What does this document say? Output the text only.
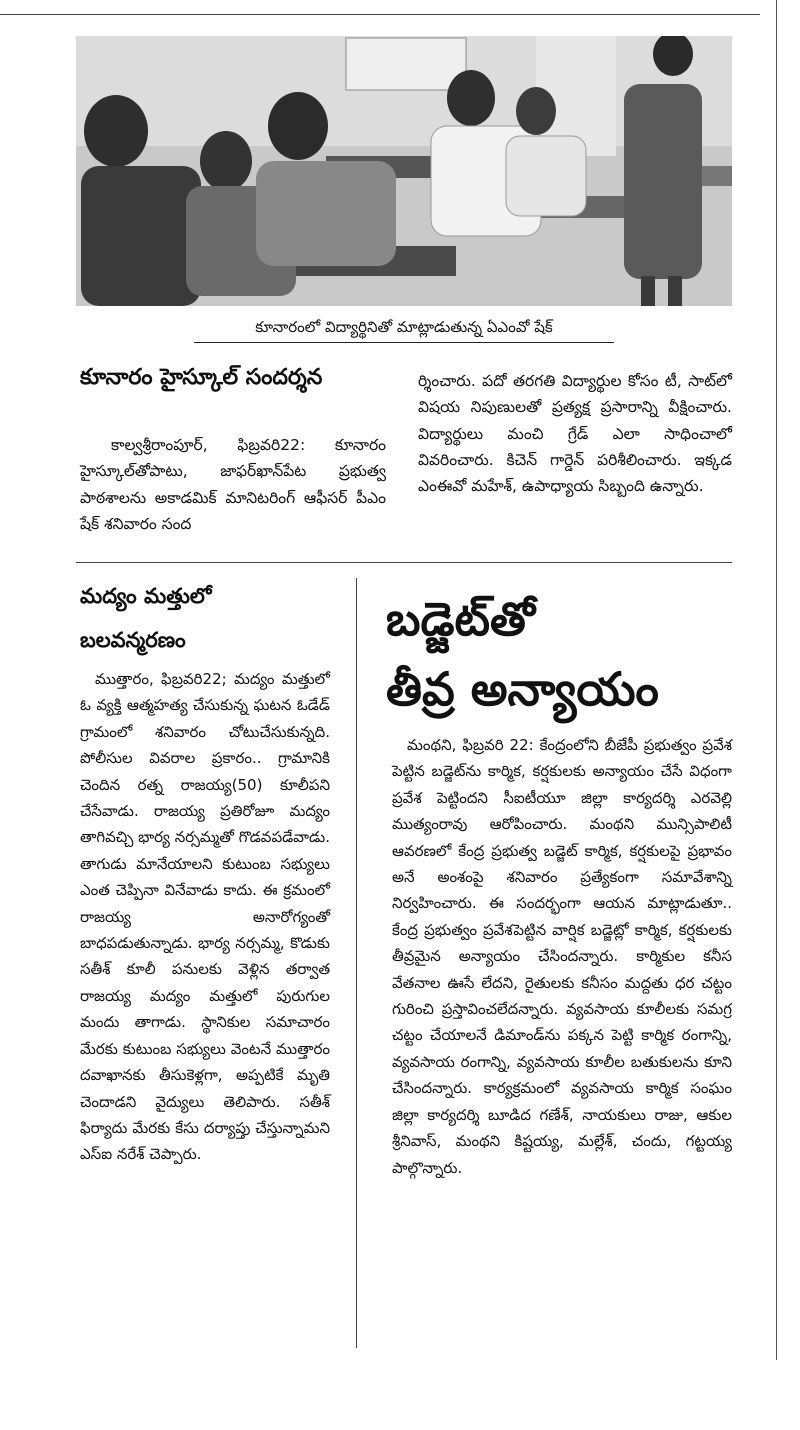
కూనారంలో విద్యార్థినితో మాట్లాడుతున్న ఏఎంవో షేక్
కూనారం హైస్కూల్ సందర్శన

కాల్వశ్రీరాంపూర్, ఫిబ్రవరి22: కూనారం హైస్కూల్‌తోపాటు, జాఫర్‌ఖాన్‌పేట ప్రభుత్వ పాఠశాలను అకాడమిక్ మానిటరింగ్ ఆఫీసర్ పీఎం షేక్ శనివారం సంద

ర్శించారు. పదో తరగతి విద్యార్థుల కోసం టీ, సాట్‌లో విషయ నిపుణులతో ప్రత్యక్ష ప్రసారాన్ని వీక్షించారు. విద్యార్థులు మంచి గ్రేడ్ ఎలా సాధించాలో వివరించారు. కిచెన్ గార్డెన్ పరిశీలించారు. ఇక్కడ ఎంఈవో మహేశ్, ఉపాధ్యాయ సిబ్బంది ఉన్నారు.

మద్యం మత్తులో
బలవన్మరణం

ముత్తారం, ఫిబ్రవరి22; మద్యం మత్తులో ఓ వ్యక్తి ఆత్మహత్య చేసుకున్న ఘటన ఓడేడ్ గ్రామంలో శనివారం చోటుచేసుకున్నది. పోలీసుల వివరాల ప్రకారం.. గ్రామానికి చెందిన రత్న రాజయ్య(50) కూలీపని చేసేవాడు. రాజయ్య ప్రతిరోజూ మద్యం తాగివచ్చి భార్య నర్సమ్మతో గొడవపడేవాడు. తాగుడు మానేయాలని కుటుంబ సభ్యులు ఎంత చెప్పినా వినేవాడు కాదు. ఈ క్రమంలో రాజయ్య అనారోగ్యంతో బాధపడుతున్నాడు. భార్య నర్సమ్మ, కొడుకు సతీశ్ కూలీ పనులకు వెళ్లిన తర్వాత రాజయ్య మద్యం మత్తులో పురుగుల మందు తాగాడు. స్థానికుల సమాచారం మేరకు కుటుంబ సభ్యులు వెంటనే ముత్తారం దవాఖానకు తీసుకెళ్లగా, అప్పటికే మృతి చెందాడని వైద్యులు తెలిపారు. సతీశ్ ఫిర్యాదు మేరకు కేసు దర్యాప్తు చేస్తున్నామని ఎస్ఐ నరేశ్ చెప్పారు.

బడ్జెట్‌తో
తీవ్ర అన్యాయం

మంథని, ఫిబ్రవరి 22: కేంద్రంలోని బీజేపీ ప్రభుత్వం ప్రవేశ పెట్టిన బడ్జెట్‌ను కార్మిక, కర్షకులకు అన్యాయం చేసే విధంగా ప్రవేశ పెట్టిందని సీఐటీయూ జిల్లా కార్యదర్శి ఎరవెల్లి ముత్యంరావు ఆరోపించారు. మంథని మున్సిపాలిటీ ఆవరణలో కేంద్ర ప్రభుత్వ బడ్జెట్ కార్మిక, కర్షకులపై ప్రభావం అనే అంశంపై శనివారం ప్రత్యేకంగా సమావేశాన్ని నిర్వహించారు. ఈ సందర్భంగా ఆయన మాట్లాడుతూ.. కేంద్ర ప్రభుత్వం ప్రవేశపెట్టిన వార్షిక బడ్జెట్లో కార్మిక, కర్షకులకు తీవ్రమైన అన్యాయం చేసిందన్నారు. కార్మికుల కనీస వేతనాల ఊసే లేదని, రైతులకు కనీసం మద్దతు ధర చట్టం గురించి ప్రస్తావించలేదన్నారు. వ్యవసాయ కూలీలకు సమగ్ర చట్టం చేయాలనే డిమాండ్‌ను పక్కన పెట్టి కార్మిక రంగాన్ని, వ్యవసాయ రంగాన్ని, వ్యవసాయ కూలీల బతుకులను కూని చేసిందన్నారు. కార్యక్రమంలో వ్యవసాయ కార్మిక సంఘం జిల్లా కార్యదర్శి బూడిద గణేశ్, నాయకులు రాజు, ఆకుల శ్రీనివాస్, మంథని కిష్టయ్య, మల్లేశ్, చందు, గట్టయ్య పాల్గొన్నారు.
